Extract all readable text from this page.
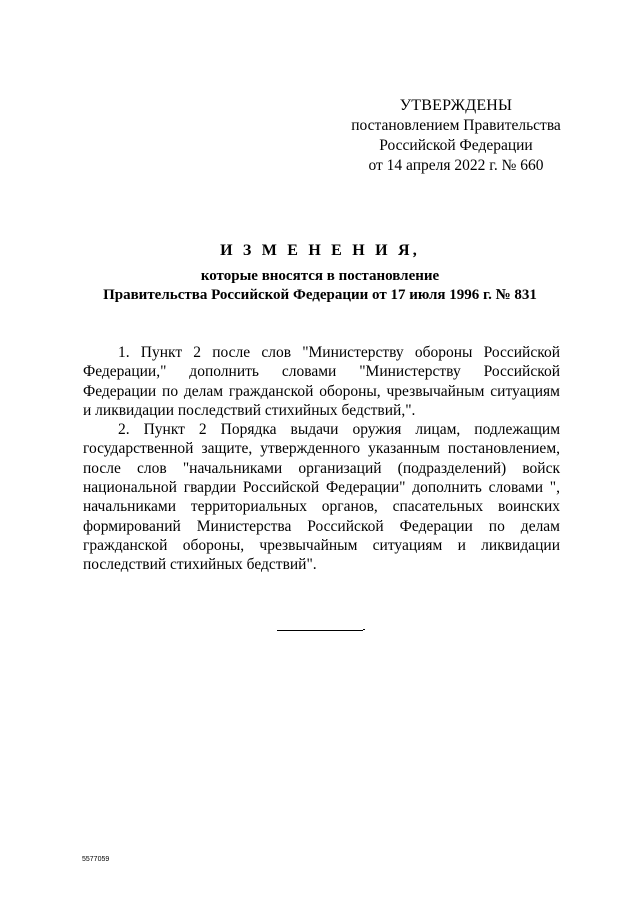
УТВЕРЖДЕНЫ
постановлением Правительства
Российской Федерации
от 14 апреля 2022 г. № 660
И З М Е Н Е Н И Я,
которые вносятся в постановление
Правительства Российской Федерации от 17 июля 1996 г. № 831

1. Пункт 2 после слов "Министерству обороны Российской Федерации," дополнить словами "Министерству Российской Федерации по делам гражданской обороны, чрезвычайным ситуациям и ликвидации последствий стихийных бедствий,".

2. Пункт 2 Порядка выдачи оружия лицам, подлежащим государственной защите, утвержденного указанным постановлением, после слов "начальниками организаций (подразделений) войск национальной гвардии Российской Федерации" дополнить словами ", начальниками территориальных органов, спасательных воинских формирований Министерства Российской Федерации по делам гражданской обороны, чрезвычайным ситуациям и ликвидации последствий стихийных бедствий".

5577059
